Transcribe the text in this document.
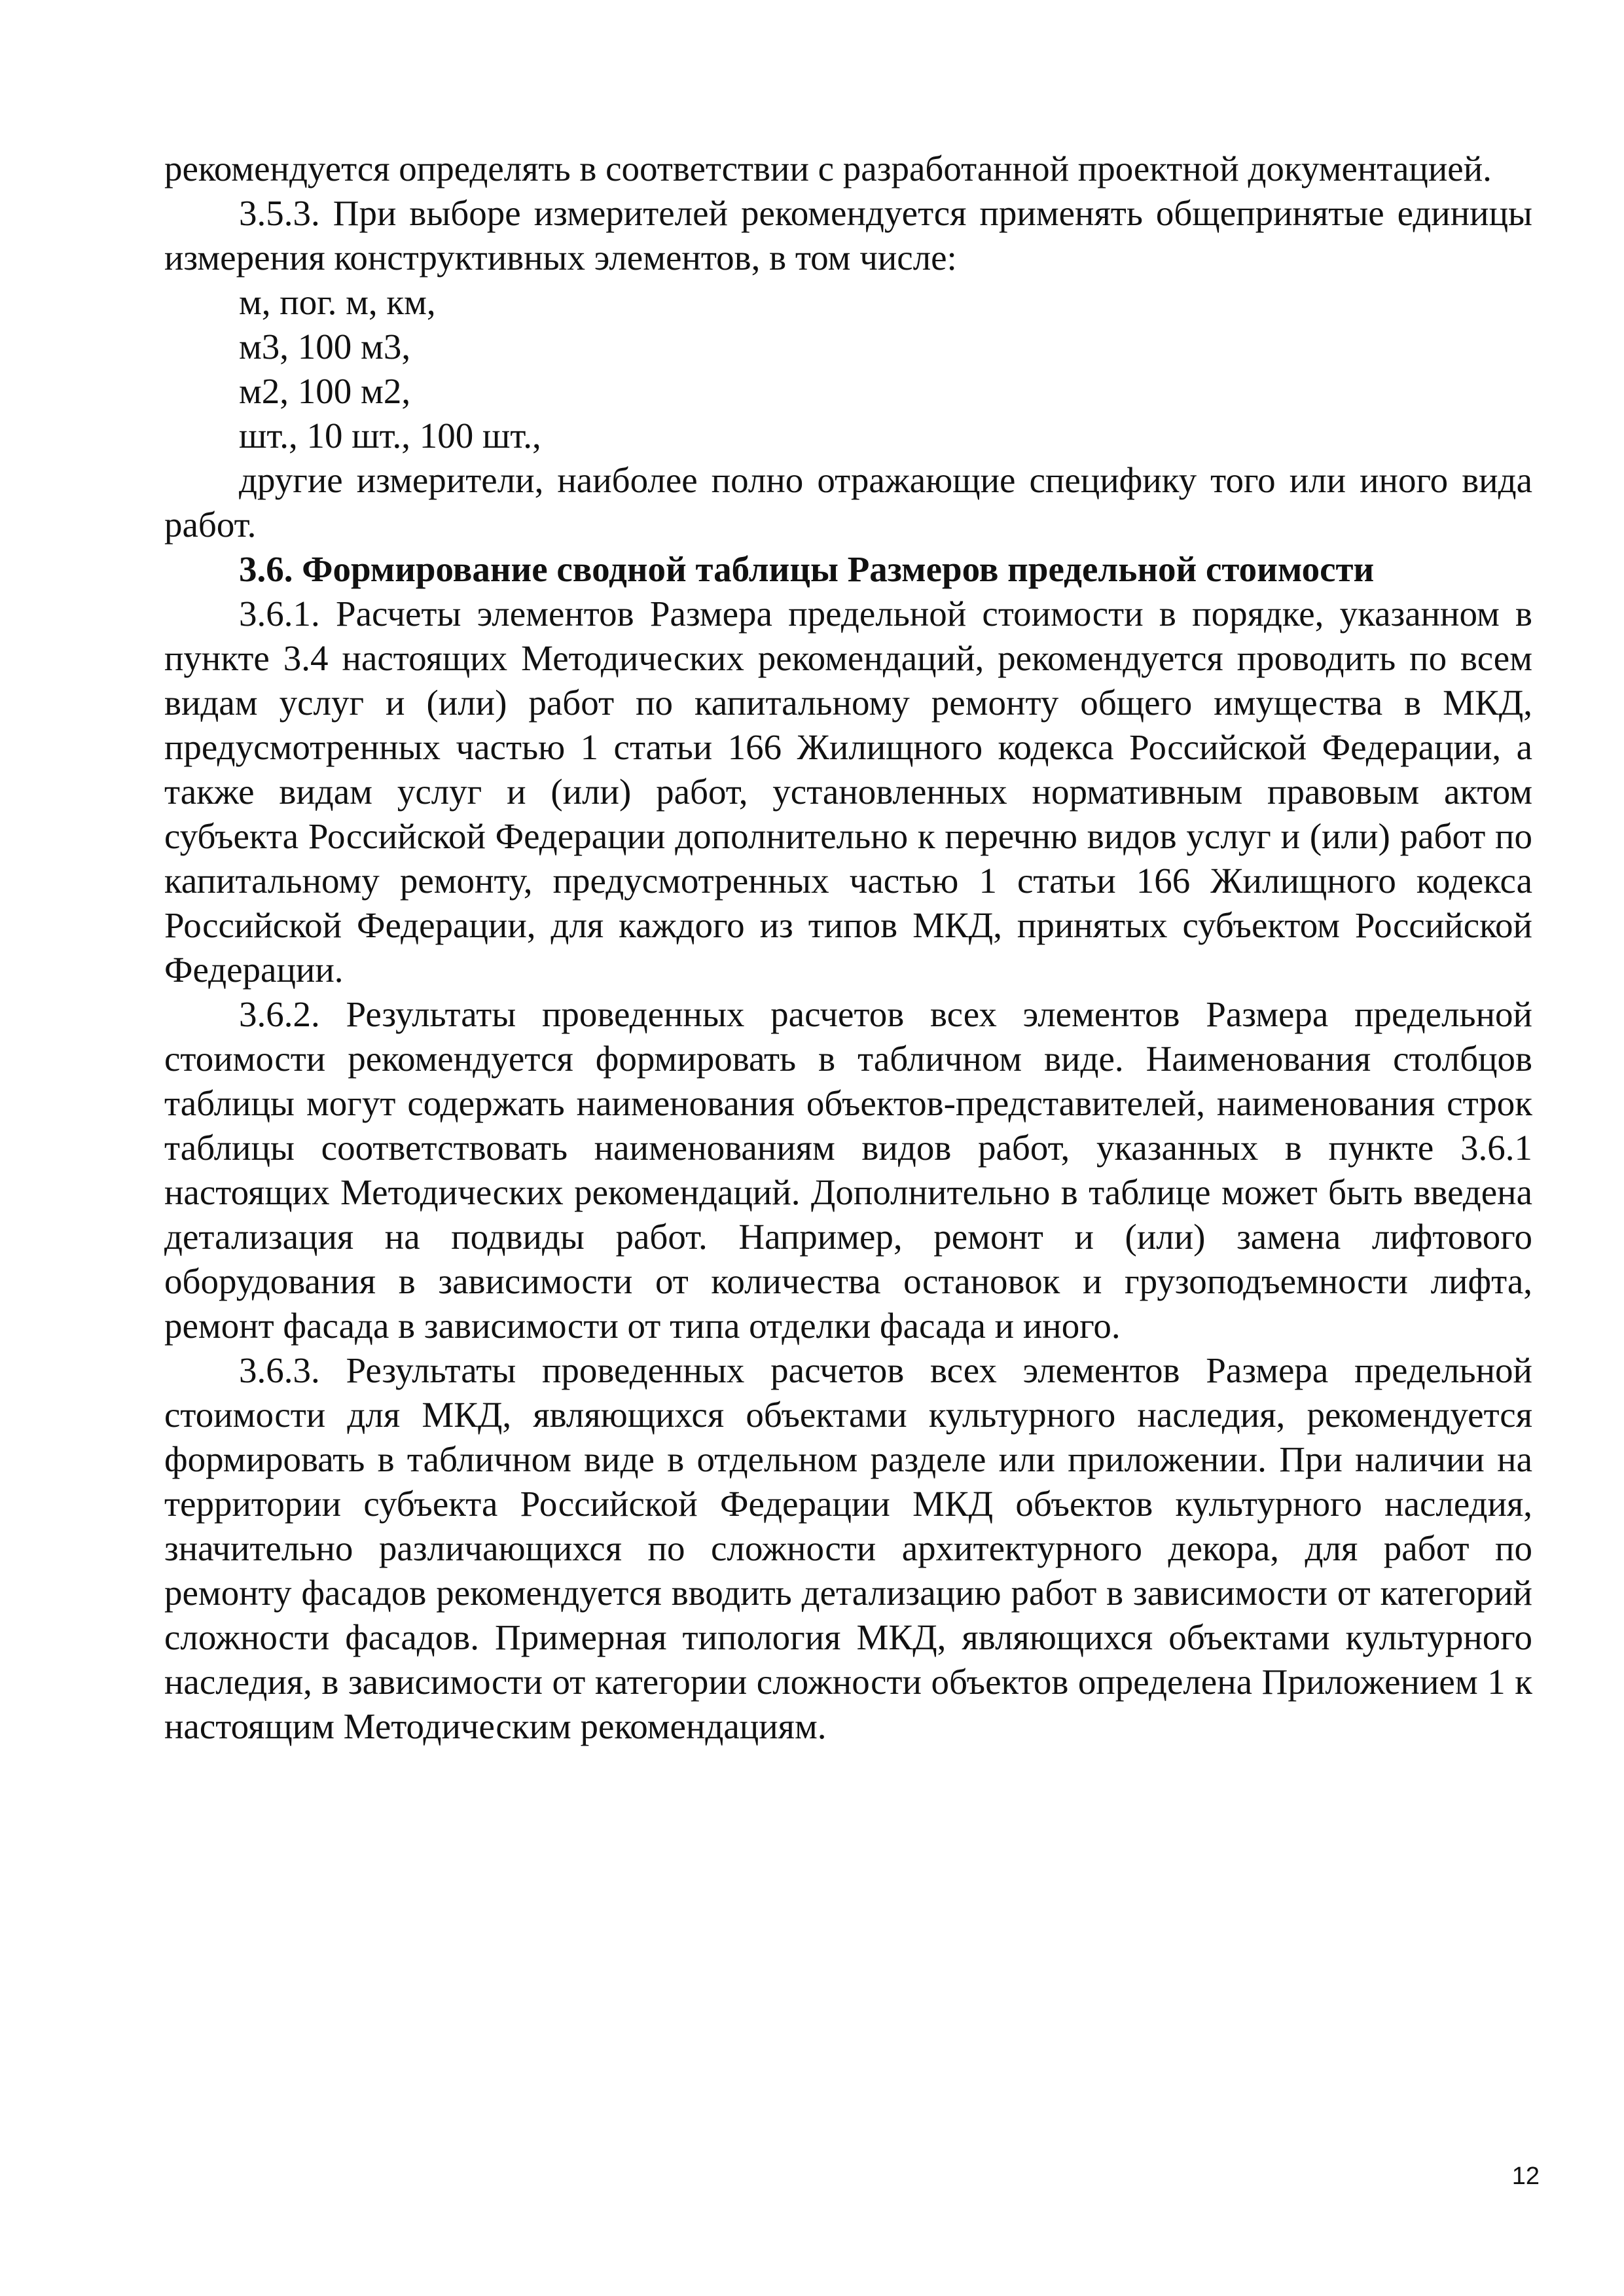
рекомендуется определять в соответствии с разработанной проектной документацией.

3.5.3. При выборе измерителей рекомендуется применять общепринятые единицы измерения конструктивных элементов, в том числе:

м, пог. м, км,

м3, 100 м3,

м2, 100 м2,

шт., 10 шт., 100 шт.,

другие измерители, наиболее полно отражающие специфику того или иного вида работ.

3.6. Формирование сводной таблицы Размеров предельной стоимости

3.6.1. Расчеты элементов Размера предельной стоимости в порядке, указанном в пункте 3.4 настоящих Методических рекомендаций, рекомендуется проводить по всем видам услуг и (или) работ по капитальному ремонту общего имущества в МКД, предусмотренных частью 1 статьи 166 Жилищного кодекса Российской Федерации, а также видам услуг и (или) работ, установленных нормативным правовым актом субъекта Российской Федерации дополнительно к перечню видов услуг и (или) работ по капитальному ремонту, предусмотренных частью 1 статьи 166 Жилищного кодекса Российской Федерации, для каждого из типов МКД, принятых субъектом Российской Федерации.

3.6.2. Результаты проведенных расчетов всех элементов Размера предельной стоимости рекомендуется формировать в табличном виде. Наименования столбцов таблицы могут содержать наименования объектов-представителей, наименования строк таблицы соответствовать наименованиям видов работ, указанных в пункте 3.6.1 настоящих Методических рекомендаций. Дополнительно в таблице может быть введена детализация на подвиды работ. Например, ремонт и (или) замена лифтового оборудования в зависимости от количества остановок и грузоподъемности лифта, ремонт фасада в зависимости от типа отделки фасада и иного.

3.6.3. Результаты проведенных расчетов всех элементов Размера предельной стоимости для МКД, являющихся объектами культурного наследия, рекомендуется формировать в табличном виде в отдельном разделе или приложении. При наличии на территории субъекта Российской Федерации МКД объектов культурного наследия, значительно различающихся по сложности архитектурного декора, для работ по ремонту фасадов рекомендуется вводить детализацию работ в зависимости от категорий сложности фасадов. Примерная типология МКД, являющихся объектами культурного наследия, в зависимости от категории сложности объектов определена Приложением 1 к настоящим Методическим рекомендациям.

12
